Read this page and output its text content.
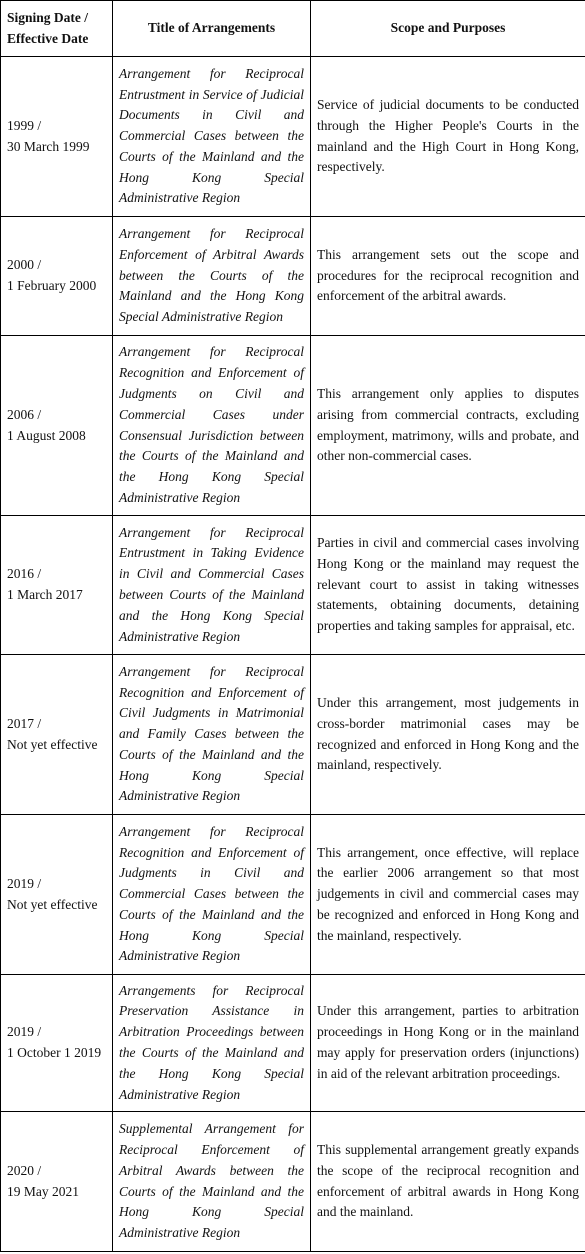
Signing Date / Effective Date	Title of Arrangements	Scope and Purposes

1999 /
30 March 1999	Arrangement for Reciprocal Entrustment in Service of Judicial Documents in Civil and Commercial Cases between the Courts of the Mainland and the Hong Kong Special Administrative Region	Service of judicial documents to be conducted through the Higher People's Courts in the mainland and the High Court in Hong Kong, respectively.

2000 /
1 February 2000	Arrangement for Reciprocal Enforcement of Arbitral Awards between the Courts of the Mainland and the Hong Kong Special Administrative Region	This arrangement sets out the scope and procedures for the reciprocal recognition and enforcement of the arbitral awards.

2006 /
1 August 2008	Arrangement for Reciprocal Recognition and Enforcement of Judgments on Civil and Commercial Cases under Consensual Jurisdiction between the Courts of the Mainland and the Hong Kong Special Administrative Region	This arrangement only applies to disputes arising from commercial contracts, excluding employment, matrimony, wills and probate, and other non-commercial cases.

2016 /
1 March 2017	Arrangement for Reciprocal Entrustment in Taking Evidence in Civil and Commercial Cases between Courts of the Mainland and the Hong Kong Special Administrative Region	Parties in civil and commercial cases involving Hong Kong or the mainland may request the relevant court to assist in taking witnesses statements, obtaining documents, detaining properties and taking samples for appraisal, etc.

2017 /
Not yet effective	Arrangement for Reciprocal Recognition and Enforcement of Civil Judgments in Matrimonial and Family Cases between the Courts of the Mainland and the Hong Kong Special Administrative Region	Under this arrangement, most judgements in cross-border matrimonial cases may be recognized and enforced in Hong Kong and the mainland, respectively.

2019 /
Not yet effective	Arrangement for Reciprocal Recognition and Enforcement of Judgments in Civil and Commercial Cases between the Courts of the Mainland and the Hong Kong Special Administrative Region	This arrangement, once effective, will replace the earlier 2006 arrangement so that most judgements in civil and commercial cases may be recognized and enforced in Hong Kong and the mainland, respectively.

2019 /
1 October 1 2019	Arrangements for Reciprocal Preservation Assistance in Arbitration Proceedings between the Courts of the Mainland and the Hong Kong Special Administrative Region	Under this arrangement, parties to arbitration proceedings in Hong Kong or in the mainland may apply for preservation orders (injunctions) in aid of the relevant arbitration proceedings.

2020 /
19 May 2021	Supplemental Arrangement for Reciprocal Enforcement of Arbitral Awards between the Courts of the Mainland and the Hong Kong Special Administrative Region	This supplemental arrangement greatly expands the scope of the reciprocal recognition and enforcement of arbitral awards in Hong Kong and the mainland.
